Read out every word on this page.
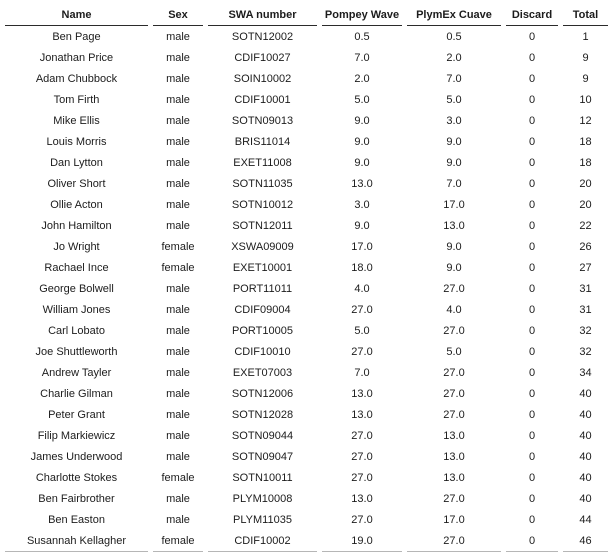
Name	Sex	SWA number	Pompey Wave	PlymEx Cuave	Discard	Total
Ben Page	male	SOTN12002	0.5	0.5	0	1
Jonathan Price	male	CDIF10027	7.0	2.0	0	9
Adam Chubbock	male	SOIN10002	2.0	7.0	0	9
Tom Firth	male	CDIF10001	5.0	5.0	0	10
Mike Ellis	male	SOTN09013	9.0	3.0	0	12
Louis Morris	male	BRIS11014	9.0	9.0	0	18
Dan Lytton	male	EXET11008	9.0	9.0	0	18
Oliver Short	male	SOTN11035	13.0	7.0	0	20
Ollie Acton	male	SOTN10012	3.0	17.0	0	20
John Hamilton	male	SOTN12011	9.0	13.0	0	22
Jo Wright	female	XSWA09009	17.0	9.0	0	26
Rachael Ince	female	EXET10001	18.0	9.0	0	27
George Bolwell	male	PORT11011	4.0	27.0	0	31
William Jones	male	CDIF09004	27.0	4.0	0	31
Carl Lobato	male	PORT10005	5.0	27.0	0	32
Joe Shuttleworth	male	CDIF10010	27.0	5.0	0	32
Andrew Tayler	male	EXET07003	7.0	27.0	0	34
Charlie Gilman	male	SOTN12006	13.0	27.0	0	40
Peter Grant	male	SOTN12028	13.0	27.0	0	40
Filip Markiewicz	male	SOTN09044	27.0	13.0	0	40
James Underwood	male	SOTN09047	27.0	13.0	0	40
Charlotte Stokes	female	SOTN10011	27.0	13.0	0	40
Ben Fairbrother	male	PLYM10008	13.0	27.0	0	40
Ben Easton	male	PLYM11035	27.0	17.0	0	44
Susannah Kellagher	female	CDIF10002	19.0	27.0	0	46
